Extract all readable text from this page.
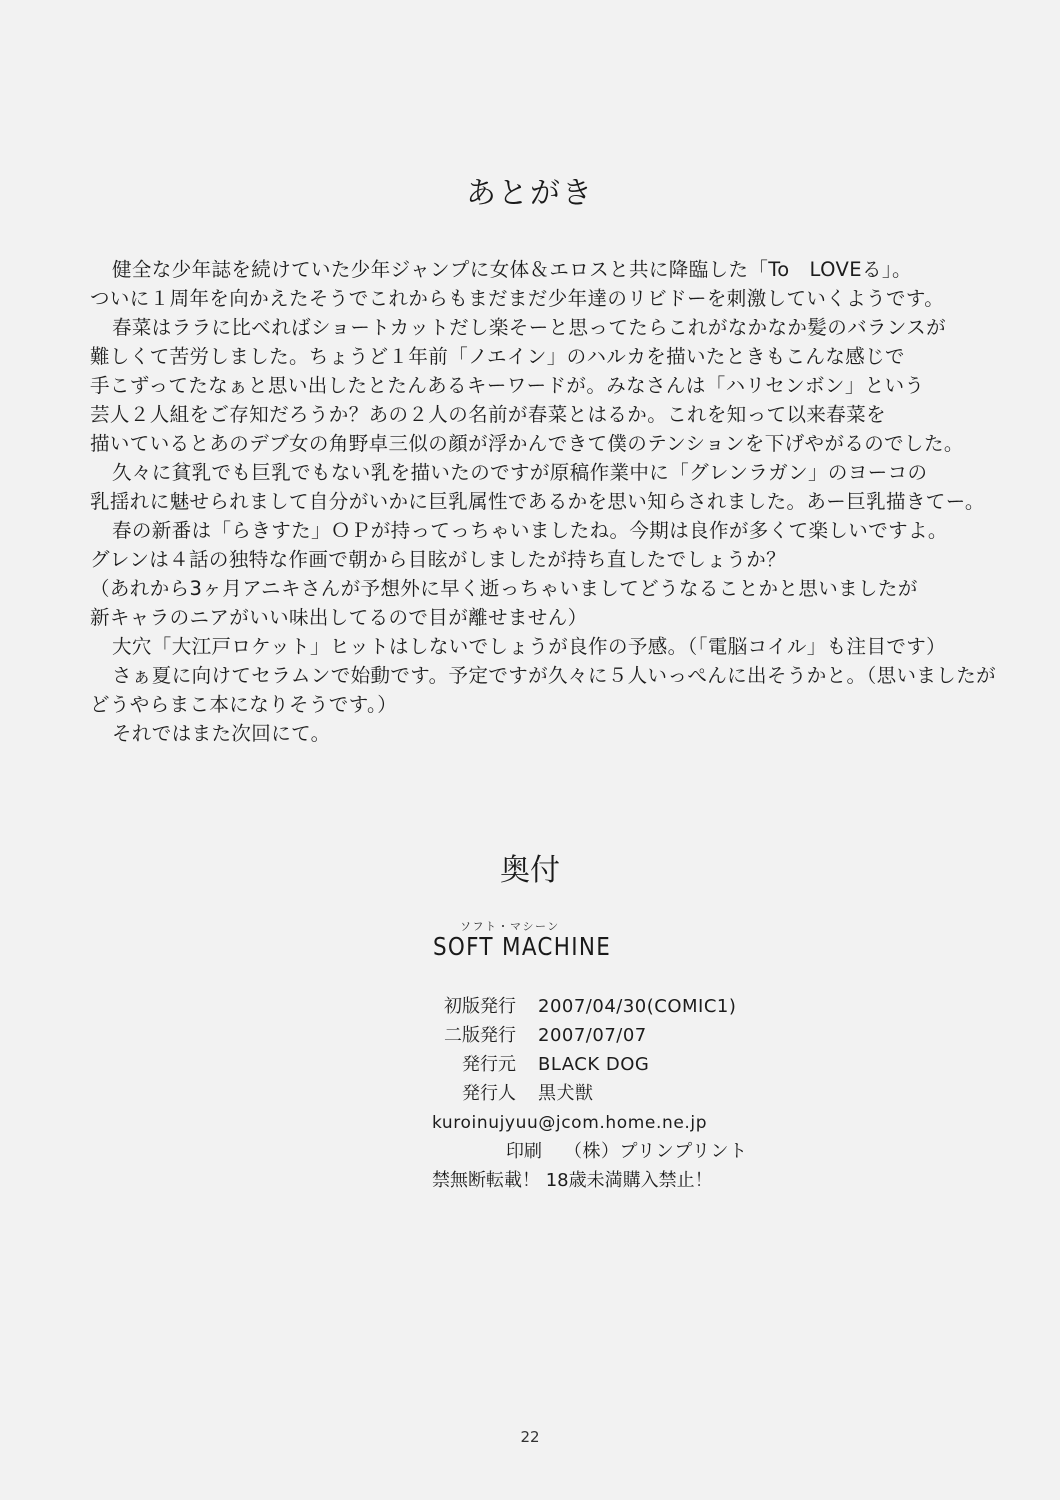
あとがき
健全な少年誌を続けていた少年ジャンプに女体＆エロスと共に降臨した「To　LOVEる」。
ついに１周年を向かえたそうでこれからもまだまだ少年達のリビドーを刺激していくようです。
春菜はララに比べればショートカットだし楽そーと思ってたらこれがなかなか髪のバランスが
難しくて苦労しました。ちょうど１年前「ノエイン」のハルカを描いたときもこんな感じで
手こずってたなぁと思い出したとたんあるキーワードが。みなさんは「ハリセンボン」という
芸人２人組をご存知だろうか？あの２人の名前が春菜とはるか。これを知って以来春菜を
描いているとあのデブ女の角野卓三似の顔が浮かんできて僕のテンションを下げやがるのでした。
久々に貧乳でも巨乳でもない乳を描いたのですが原稿作業中に「グレンラガン」のヨーコの
乳揺れに魅せられまして自分がいかに巨乳属性であるかを思い知らされました。あー巨乳描きてー。
春の新番は「らきすた」ＯＰが持ってっちゃいましたね。今期は良作が多くて楽しいですよ。
グレンは４話の独特な作画で朝から目眩がしましたが持ち直したでしょうか？
（あれから3ヶ月アニキさんが予想外に早く逝っちゃいましてどうなることかと思いましたが
新キャラのニアがいい味出してるので目が離せません）
大穴「大江戸ロケット」ヒットはしないでしょうが良作の予感。（「電脳コイル」も注目です）
さぁ夏に向けてセラムンで始動です。予定ですが久々に５人いっぺんに出そうかと。（思いましたが
どうやらまこ本になりそうです。）
それではまた次回にて。
奥付
ソフト・マシーン
SOFT MACHINE
初版発行 2007/04/30(COMIC1)
二版発行 2007/07/07
発行元 BLACK DOG
発行人 黒犬獣
kuroinujyuu@jcom.home.ne.jp
印刷 （株）プリンプリント
禁無断転載！ 18歳未満購入禁止！
22
